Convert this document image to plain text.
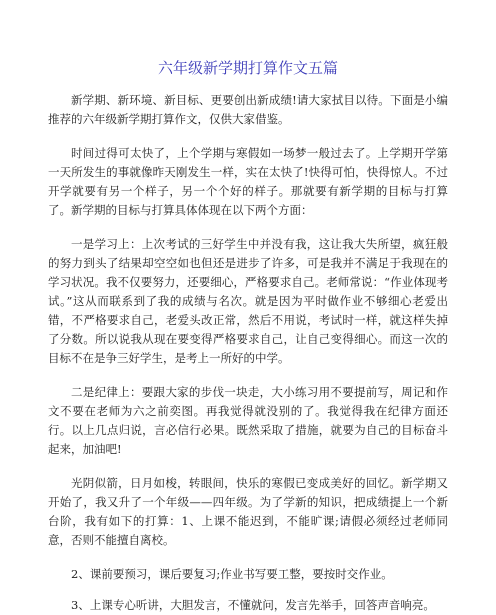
六年级新学期打算作文五篇

新学期、新环境、新目标、更要创出新成绩!请大家拭目以待。下面是小编推荐的六年级新学期打算作文，仅供大家借鉴。

时间过得可太快了，上个学期与寒假如一场梦一般过去了。上学期开学第一天所发生的事就像昨天刚发生一样，实在太快了!快得可怕，快得惊人。不过开学就要有另一个样子，另一个个好的样子。那就要有新学期的目标与打算了。新学期的目标与打算具体体现在以下两个方面：

一是学习上：上次考试的三好学生中并没有我，这让我大失所望，疯狂般的努力到头了结果却空空如也但还是进步了许多，可是我并不满足于我现在的学习状况。我不仅要努力，还要细心，严格要求自己。老师常说：“作业体现考试。”这从而联系到了我的成绩与名次。就是因为平时做作业不够细心老爱出错，不严格要求自己，老爱头改正常，然后不用说，考试时一样，就这样失掉了分数。所以说我从现在要变得严格要求自己，让自己变得细心。而这一次的目标不在是争三好学生，是考上一所好的中学。

二是纪律上：要跟大家的步伐一块走，大小练习用不要提前写，周记和作文不要在老师为六之前奕图。再我觉得就没别的了。我觉得我在纪律方面还行。以上几点归说，言必信行必果。既然采取了措施，就要为自己的目标奋斗起来，加油吧!

光阴似箭，日月如梭，转眼间，快乐的寒假已变成美好的回忆。新学期又开始了，我又升了一个年级——四年级。为了学新的知识，把成绩提上一个新台阶，我有如下的打算：1、上课不能迟到，不能旷课;请假必须经过老师同意，否则不能擅自离校。

2、课前要预习，课后要复习;作业书写要工整，要按时交作业。

3、上课专心听讲，大胆发言，不懂就问，发言先举手，回答声音响亮。
